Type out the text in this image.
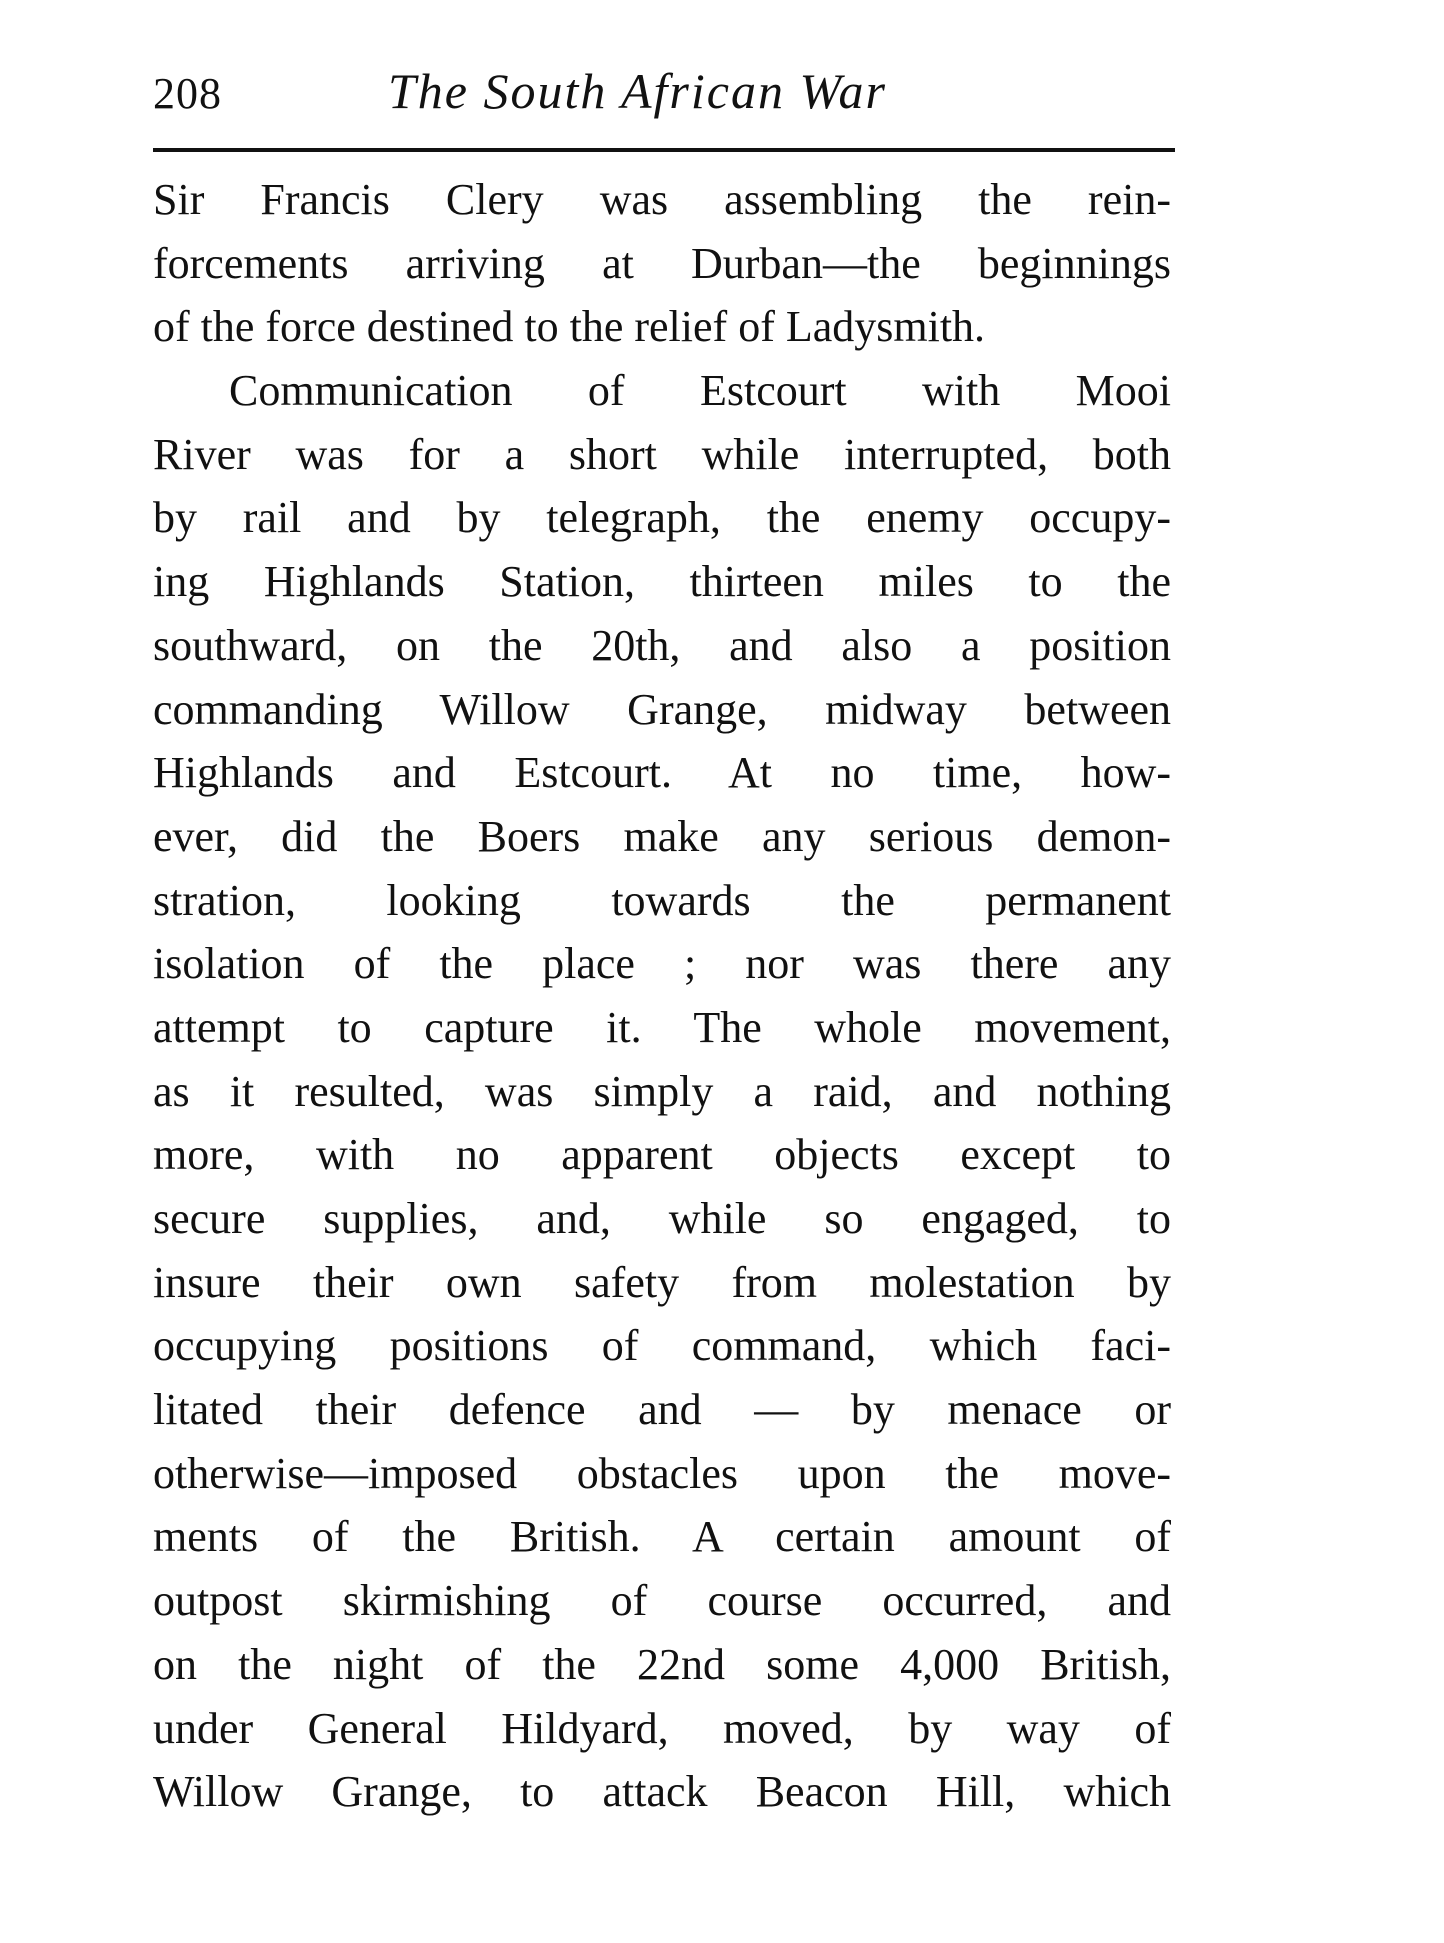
208	The South African War
Sir Francis Clery was assembling the rein-
forcements arriving at Durban—the beginnings
of the force destined to the relief of Ladysmith.
Communication of Estcourt with Mooi
River was for a short while interrupted, both
by rail and by telegraph, the enemy occupy-
ing Highlands Station, thirteen miles to the
southward, on the 20th, and also a position
commanding Willow Grange, midway between
Highlands and Estcourt. At no time, how-
ever, did the Boers make any serious demon-
stration, looking towards the permanent
isolation of the place ; nor was there any
attempt to capture it. The whole movement,
as it resulted, was simply a raid, and nothing
more, with no apparent objects except to
secure supplies, and, while so engaged, to
insure their own safety from molestation by
occupying positions of command, which faci-
litated their defence and — by menace or
otherwise—imposed obstacles upon the move-
ments of the British. A certain amount of
outpost skirmishing of course occurred, and
on the night of the 22nd some 4,000 British,
under General Hildyard, moved, by way of
Willow Grange, to attack Beacon Hill, which
